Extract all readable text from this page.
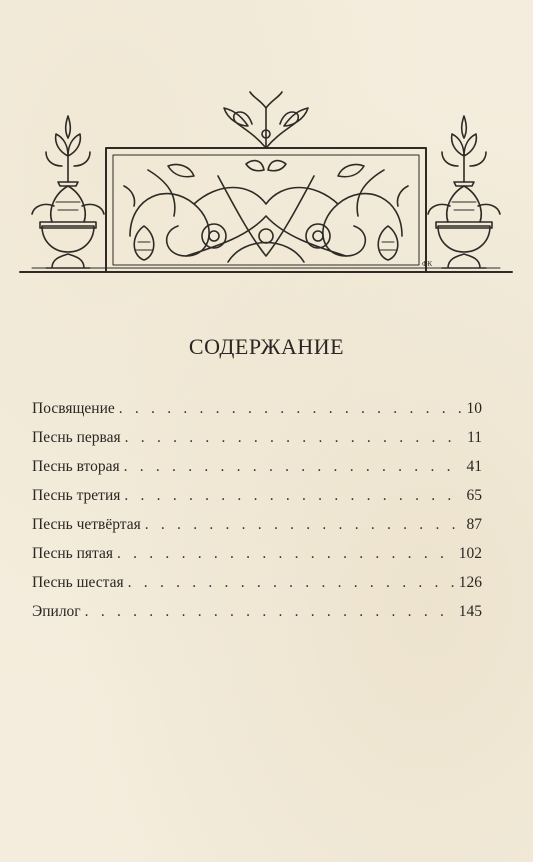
ФК
СОДЕРЖАНИЕ
Посвящение . . .	10
Песнь первая . . .	11
Песнь вторая . . .	41
Песнь третия . . .	65
Песнь четвёртая . . .	87
Песнь пятая . . .	102
Песнь шестая . . .	126
Эпилог . . .	145
